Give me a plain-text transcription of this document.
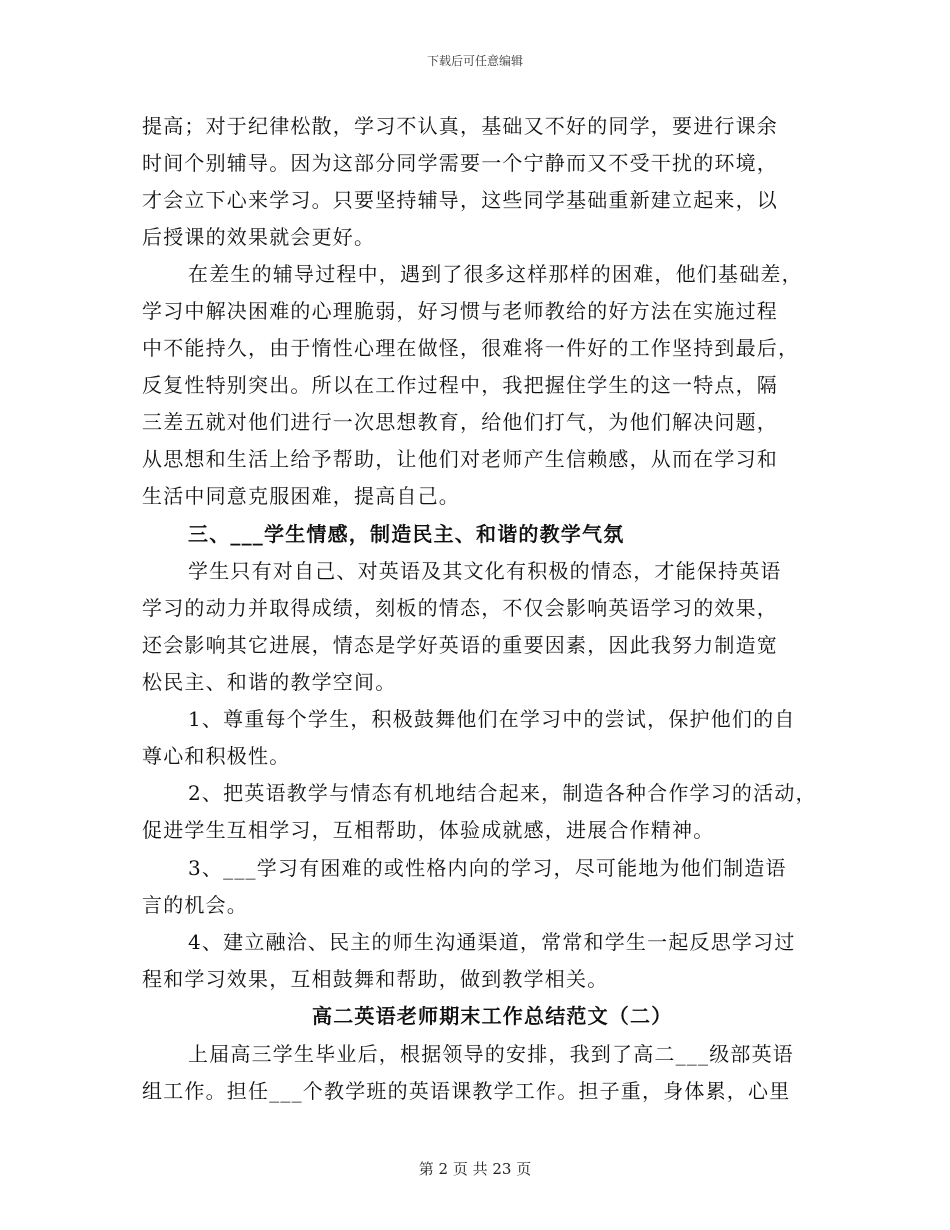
下载后可任意编辑
提高；对于纪律松散，学习不认真，基础又不好的同学，要进行课余
时间个别辅导。因为这部分同学需要一个宁静而又不受干扰的环境，
才会立下心来学习。只要坚持辅导，这些同学基础重新建立起来，以
后授课的效果就会更好。
在差生的辅导过程中，遇到了很多这样那样的困难，他们基础差，
学习中解决困难的心理脆弱，好习惯与老师教给的好方法在实施过程
中不能持久，由于惰性心理在做怪，很难将一件好的工作坚持到最后，
反复性特别突出。所以在工作过程中，我把握住学生的这一特点，隔
三差五就对他们进行一次思想教育，给他们打气，为他们解决问题，
从思想和生活上给予帮助，让他们对老师产生信赖感，从而在学习和
生活中同意克服困难，提高自己。
三、___学生情感，制造民主、和谐的教学气氛
学生只有对自己、对英语及其文化有积极的情态，才能保持英语
学习的动力并取得成绩，刻板的情态，不仅会影响英语学习的效果，
还会影响其它进展，情态是学好英语的重要因素，因此我努力制造宽
松民主、和谐的教学空间。
1、尊重每个学生，积极鼓舞他们在学习中的尝试，保护他们的自
尊心和积极性。
2、把英语教学与情态有机地结合起来，制造各种合作学习的活动，
促进学生互相学习，互相帮助，体验成就感，进展合作精神。
3、___学习有困难的或性格内向的学习，尽可能地为他们制造语
言的机会。
4、建立融洽、民主的师生沟通渠道，常常和学生一起反思学习过
程和学习效果，互相鼓舞和帮助，做到教学相关。
高二英语老师期末工作总结范文（二）
上届高三学生毕业后，根据领导的安排，我到了高二___级部英语
组工作。担任___个教学班的英语课教学工作。担子重，身体累，心里
第 2 页 共 23 页
